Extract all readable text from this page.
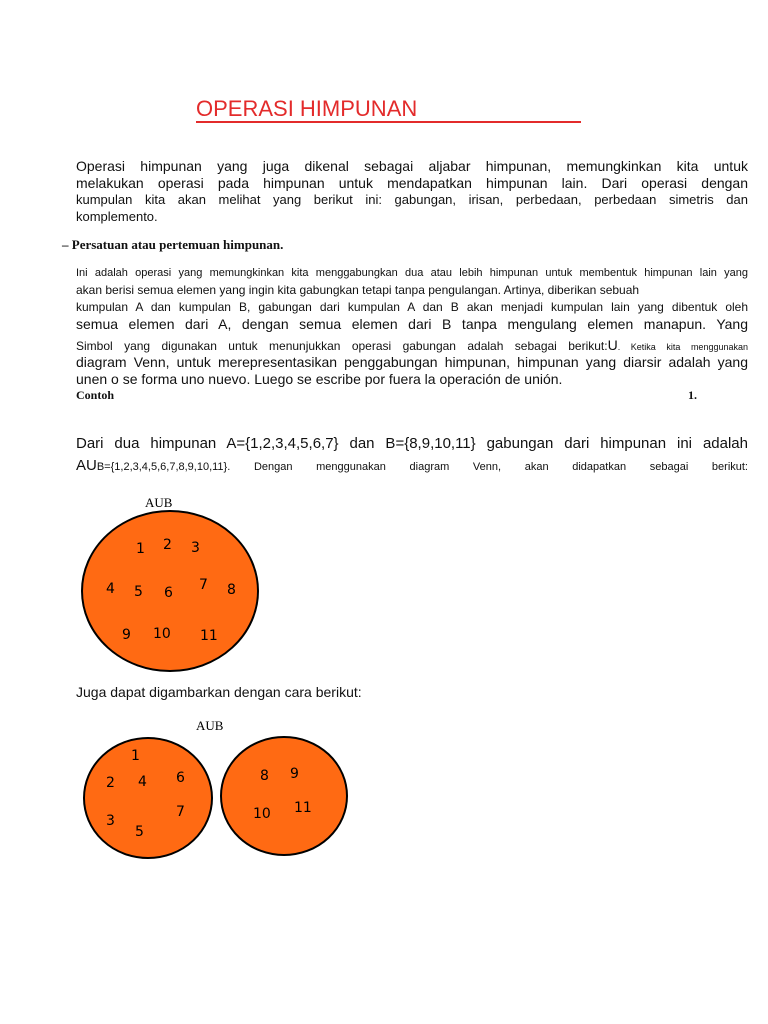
OPERASI HIMPUNAN
Operasi himpunan yang juga dikenal sebagai aljabar himpunan, memungkinkan kita untuk
melakukan operasi pada himpunan untuk mendapatkan himpunan lain. Dari operasi dengan
kumpulan kita akan melihat yang berikut ini: gabungan, irisan, perbedaan, perbedaan simetris dan
komplemento.
– Persatuan atau pertemuan himpunan.
Ini adalah operasi yang memungkinkan kita menggabungkan dua atau lebih himpunan untuk membentuk himpunan lain yang
akan berisi semua elemen yang ingin kita gabungkan tetapi tanpa pengulangan. Artinya, diberikan sebuah
kumpulan A dan kumpulan B, gabungan dari kumpulan A dan B akan menjadi kumpulan lain yang dibentuk oleh
semua elemen dari A, dengan semua elemen dari B tanpa mengulang elemen manapun. Yang
Simbol yang digunakan untuk menunjukkan operasi gabungan adalah sebagai berikut:U. Ketika kita menggunakan
diagram Venn, untuk merepresentasikan penggabungan himpunan, himpunan yang diarsir adalah yang
unen o se forma uno nuevo. Luego se escribe por fuera la operación de unión.
Contoh	1.
Dari dua himpunan A={1,2,3,4,5,6,7} dan B={8,9,10,11} gabungan dari himpunan ini adalah
AUB={1,2,3,4,5,6,7,8,9,10,11}. Dengan menggunakan diagram Venn, akan didapatkan sebagai berikut:
AUB
1 2 3
4 5 6 7 8
9 10 11
Juga dapat digambarkan dengan cara berikut:
AUB
1
2 4 6
7
3
5
8 9
10 11
